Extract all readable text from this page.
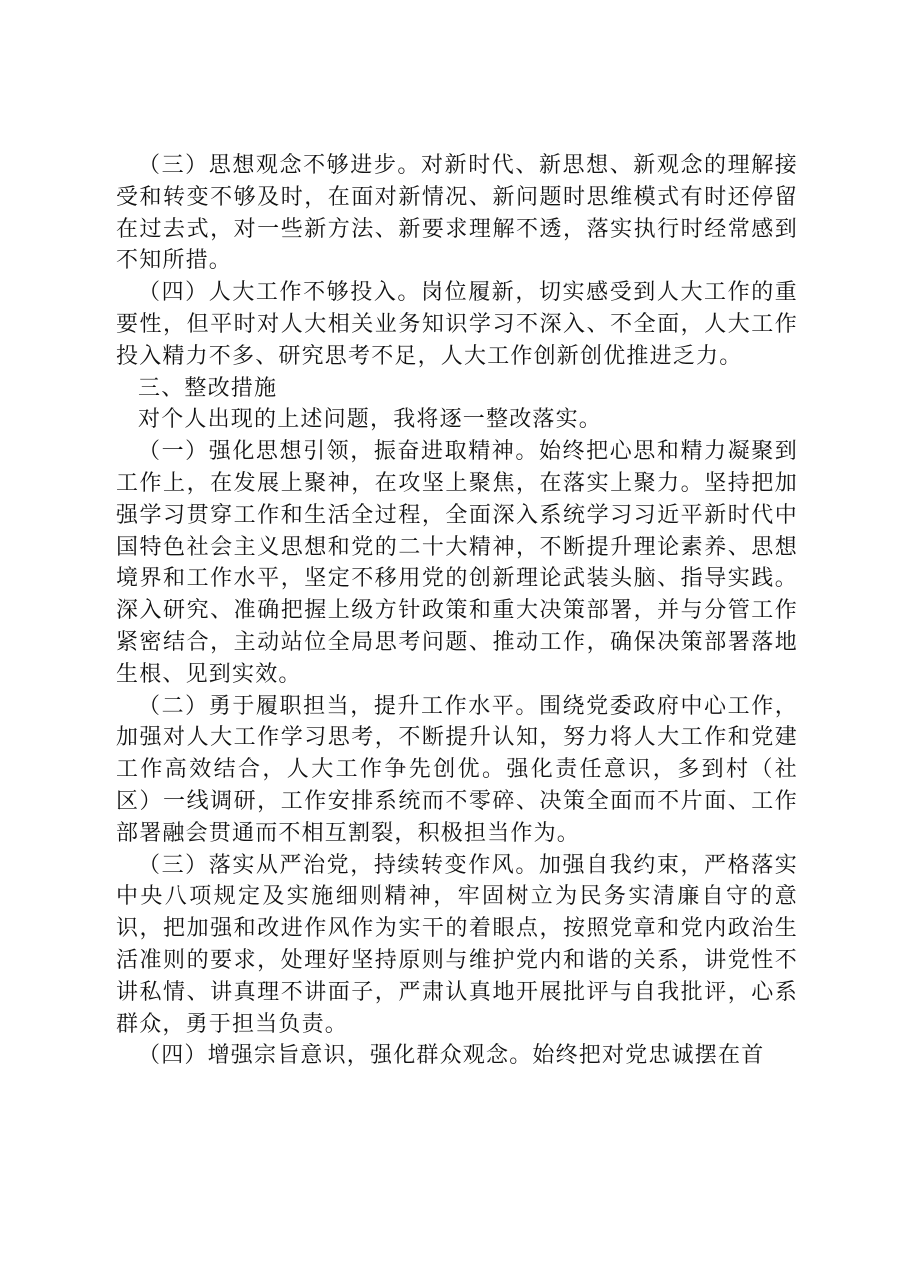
（三）思想观念不够进步。对新时代、新思想、新观念的理解接受和转变不够及时，在面对新情况、新问题时思维模式有时还停留在过去式，对一些新方法、新要求理解不透，落实执行时经常感到不知所措。

（四）人大工作不够投入。岗位履新，切实感受到人大工作的重要性，但平时对人大相关业务知识学习不深入、不全面，人大工作投入精力不多、研究思考不足，人大工作创新创优推进乏力。

三、整改措施

对个人出现的上述问题，我将逐一整改落实。

（一）强化思想引领，振奋进取精神。始终把心思和精力凝聚到工作上，在发展上聚神，在攻坚上聚焦，在落实上聚力。坚持把加强学习贯穿工作和生活全过程，全面深入系统学习习近平新时代中国特色社会主义思想和党的二十大精神，不断提升理论素养、思想境界和工作水平，坚定不移用党的创新理论武装头脑、指导实践。深入研究、准确把握上级方针政策和重大决策部署，并与分管工作紧密结合，主动站位全局思考问题、推动工作，确保决策部署落地生根、见到实效。

（二）勇于履职担当，提升工作水平。围绕党委政府中心工作，加强对人大工作学习思考，不断提升认知，努力将人大工作和党建工作高效结合，人大工作争先创优。强化责任意识，多到村（社区）一线调研，工作安排系统而不零碎、决策全面而不片面、工作部署融会贯通而不相互割裂，积极担当作为。

（三）落实从严治党，持续转变作风。加强自我约束，严格落实中央八项规定及实施细则精神，牢固树立为民务实清廉自守的意识，把加强和改进作风作为实干的着眼点，按照党章和党内政治生活准则的要求，处理好坚持原则与维护党内和谐的关系，讲党性不讲私情、讲真理不讲面子，严肃认真地开展批评与自我批评，心系群众，勇于担当负责。

（四）增强宗旨意识，强化群众观念。始终把对党忠诚摆在首
